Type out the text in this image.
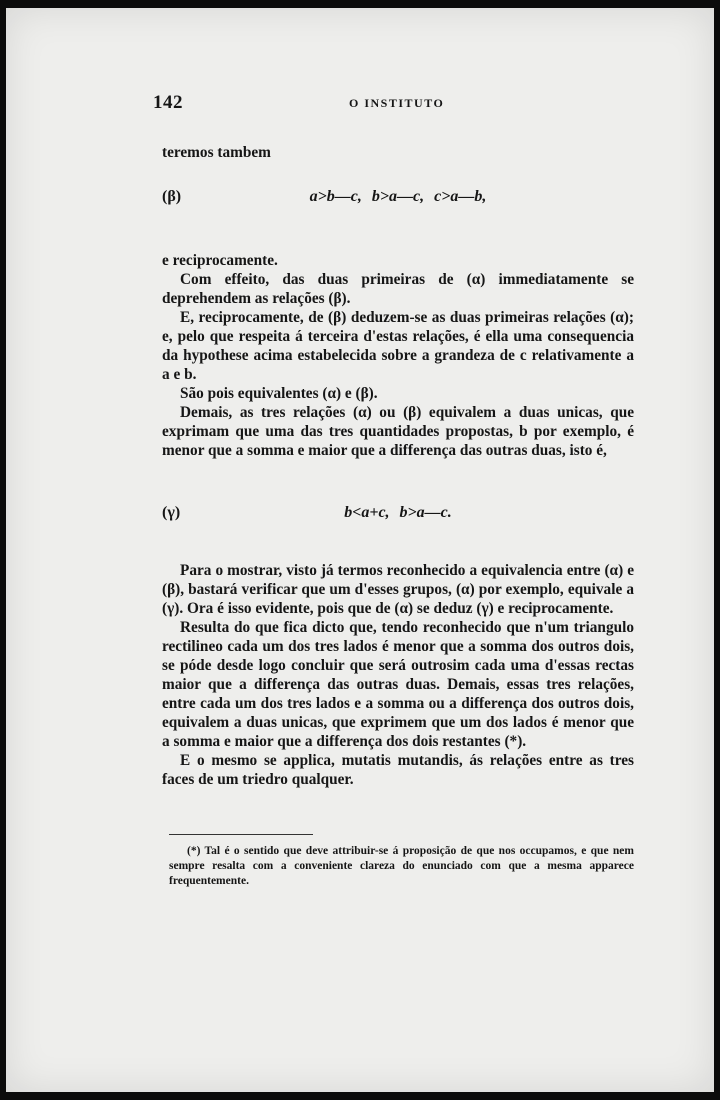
142	O INSTITUTO

teremos tambem

(β)	a>b—c, b>a—c, c>a—b,

e reciprocamente.

Com effeito, das duas primeiras de (α) immediatamente se deprehendem as relações (β).

E, reciprocamente, de (β) deduzem-se as duas primeiras relações (α); e, pelo que respeita á terceira d'estas relações, é ella uma consequencia da hypothese acima estabelecida sobre a grandeza de c relativamente a a e b.

São pois equivalentes (α) e (β).

Demais, as tres relações (α) ou (β) equivalem a duas unicas, que exprimam que uma das tres quantidades propostas, b por exemplo, é menor que a somma e maior que a differença das outras duas, isto é,

(γ)	b<a+c, b>a—c.

Para o mostrar, visto já termos reconhecido a equivalencia entre (α) e (β), bastará verificar que um d'esses grupos, (α) por exemplo, equivale a (γ). Ora é isso evidente, pois que de (α) se deduz (γ) e reciprocamente.

Resulta do que fica dicto que, tendo reconhecido que n'um triangulo rectilineo cada um dos tres lados é menor que a somma dos outros dois, se póde desde logo concluir que será outrosim cada uma d'essas rectas maior que a differença das outras duas. Demais, essas tres relações, entre cada um dos tres lados e a somma ou a differença dos outros dois, equivalem a duas unicas, que exprimem que um dos lados é menor que a somma e maior que a differença dos dois restantes (*).

E o mesmo se applica, mutatis mutandis, ás relações entre as tres faces de um triedro qualquer.

(*) Tal é o sentido que deve attribuir-se á proposição de que nos occupamos, e que nem sempre resalta com a conveniente clareza do enunciado com que a mesma apparece frequentemente.
